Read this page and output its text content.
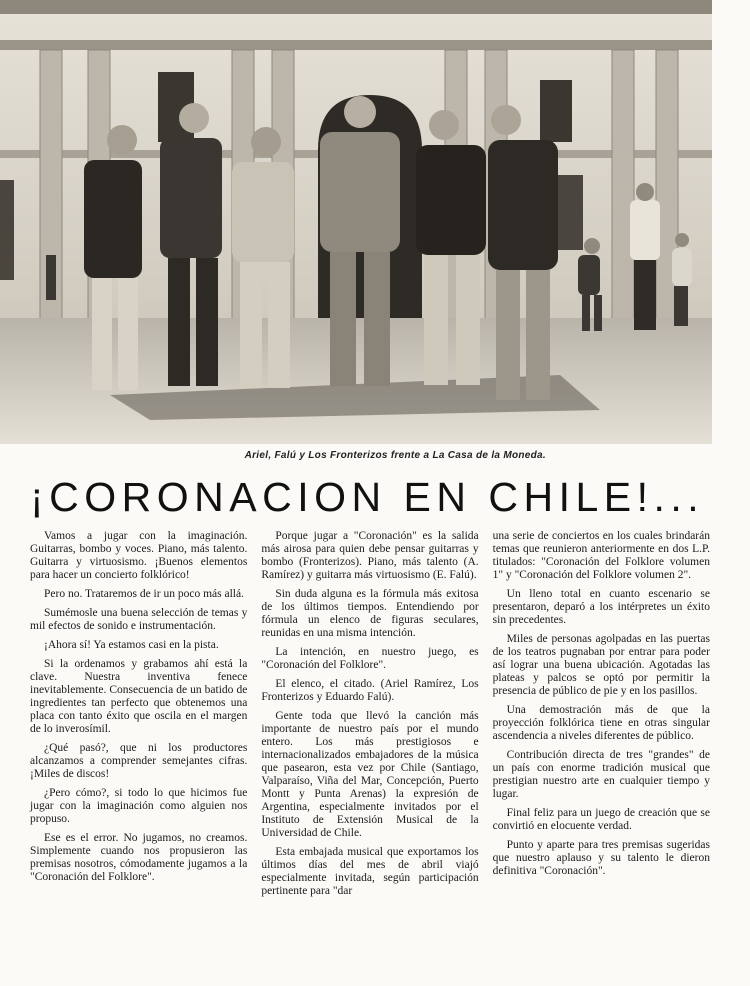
Ariel, Falú y Los Fronterizos frente a La Casa de la Moneda.
¡CORONACION EN CHILE!...

Vamos a jugar con la imaginación. Guitarras, bombo y voces. Piano, más talento. Guitarra y virtuosismo. ¡Buenos elementos para hacer un concierto folklórico!

Pero no. Trataremos de ir un poco más allá.

Sumémosle una buena selección de temas y mil efectos de sonido e instrumentación.

¡Ahora sí! Ya estamos casi en la pista.

Si la ordenamos y grabamos ahí está la clave. Nuestra inventiva fenece inevitablemente. Consecuencia de un batido de ingredientes tan perfecto que obtenemos una placa con tanto éxito que oscila en el margen de lo inverosímil.

¿Qué pasó?, que ni los productores alcanzamos a comprender semejantes cifras. ¡Miles de discos!

¿Pero cómo?, si todo lo que hicimos fue jugar con la imaginación como alguien nos propuso.

Ese es el error. No jugamos, no creamos. Simplemente cuando nos propusieron las premisas nosotros, cómodamente jugamos a la "Coronación del Folklore".

Porque jugar a "Coronación" es la salida más airosa para quien debe pensar guitarras y bombo (Fronterizos). Piano, más talento (A. Ramírez) y guitarra más virtuosismo (E. Falú).

Sin duda alguna es la fórmula más exitosa de los últimos tiempos. Entendiendo por fórmula un elenco de figuras seculares, reunidas en una misma intención.

La intención, en nuestro juego, es "Coronación del Folklore".

El elenco, el citado. (Ariel Ramírez, Los Fronterizos y Eduardo Falú).

Gente toda que llevó la canción más importante de nuestro país por el mundo entero. Los más prestigiosos e internacionalizados embajadores de la música que pasearon, esta vez por Chile (Santiago, Valparaíso, Viña del Mar, Concepción, Puerto Montt y Punta Arenas) la expresión de Argentina, especialmente invitados por el Instituto de Extensión Musical de la Universidad de Chile.

Esta embajada musical que exportamos los últimos días del mes de abril viajó especialmente invitada, según participación pertinente para "dar

una serie de conciertos en los cuales brindarán temas que reunieron anteriormente en dos L.P. titulados: "Coronación del Folklore volumen 1" y "Coronación del Folklore volumen 2".

Un lleno total en cuanto escenario se presentaron, deparó a los intérpretes un éxito sin precedentes.

Miles de personas agolpadas en las puertas de los teatros pugnaban por entrar para poder así lograr una buena ubicación. Agotadas las plateas y palcos se optó por permitir la presencia de público de pie y en los pasillos.

Una demostración más de que la proyección folklórica tiene en otras singular ascendencia a niveles diferentes de público.

Contribución directa de tres "grandes" de un país con enorme tradición musical que prestigian nuestro arte en cualquier tiempo y lugar.

Final feliz para un juego de creación que se convirtió en elocuente verdad.

Punto y aparte para tres premisas sugeridas que nuestro aplauso y su talento le dieron definitiva "Coronación".
